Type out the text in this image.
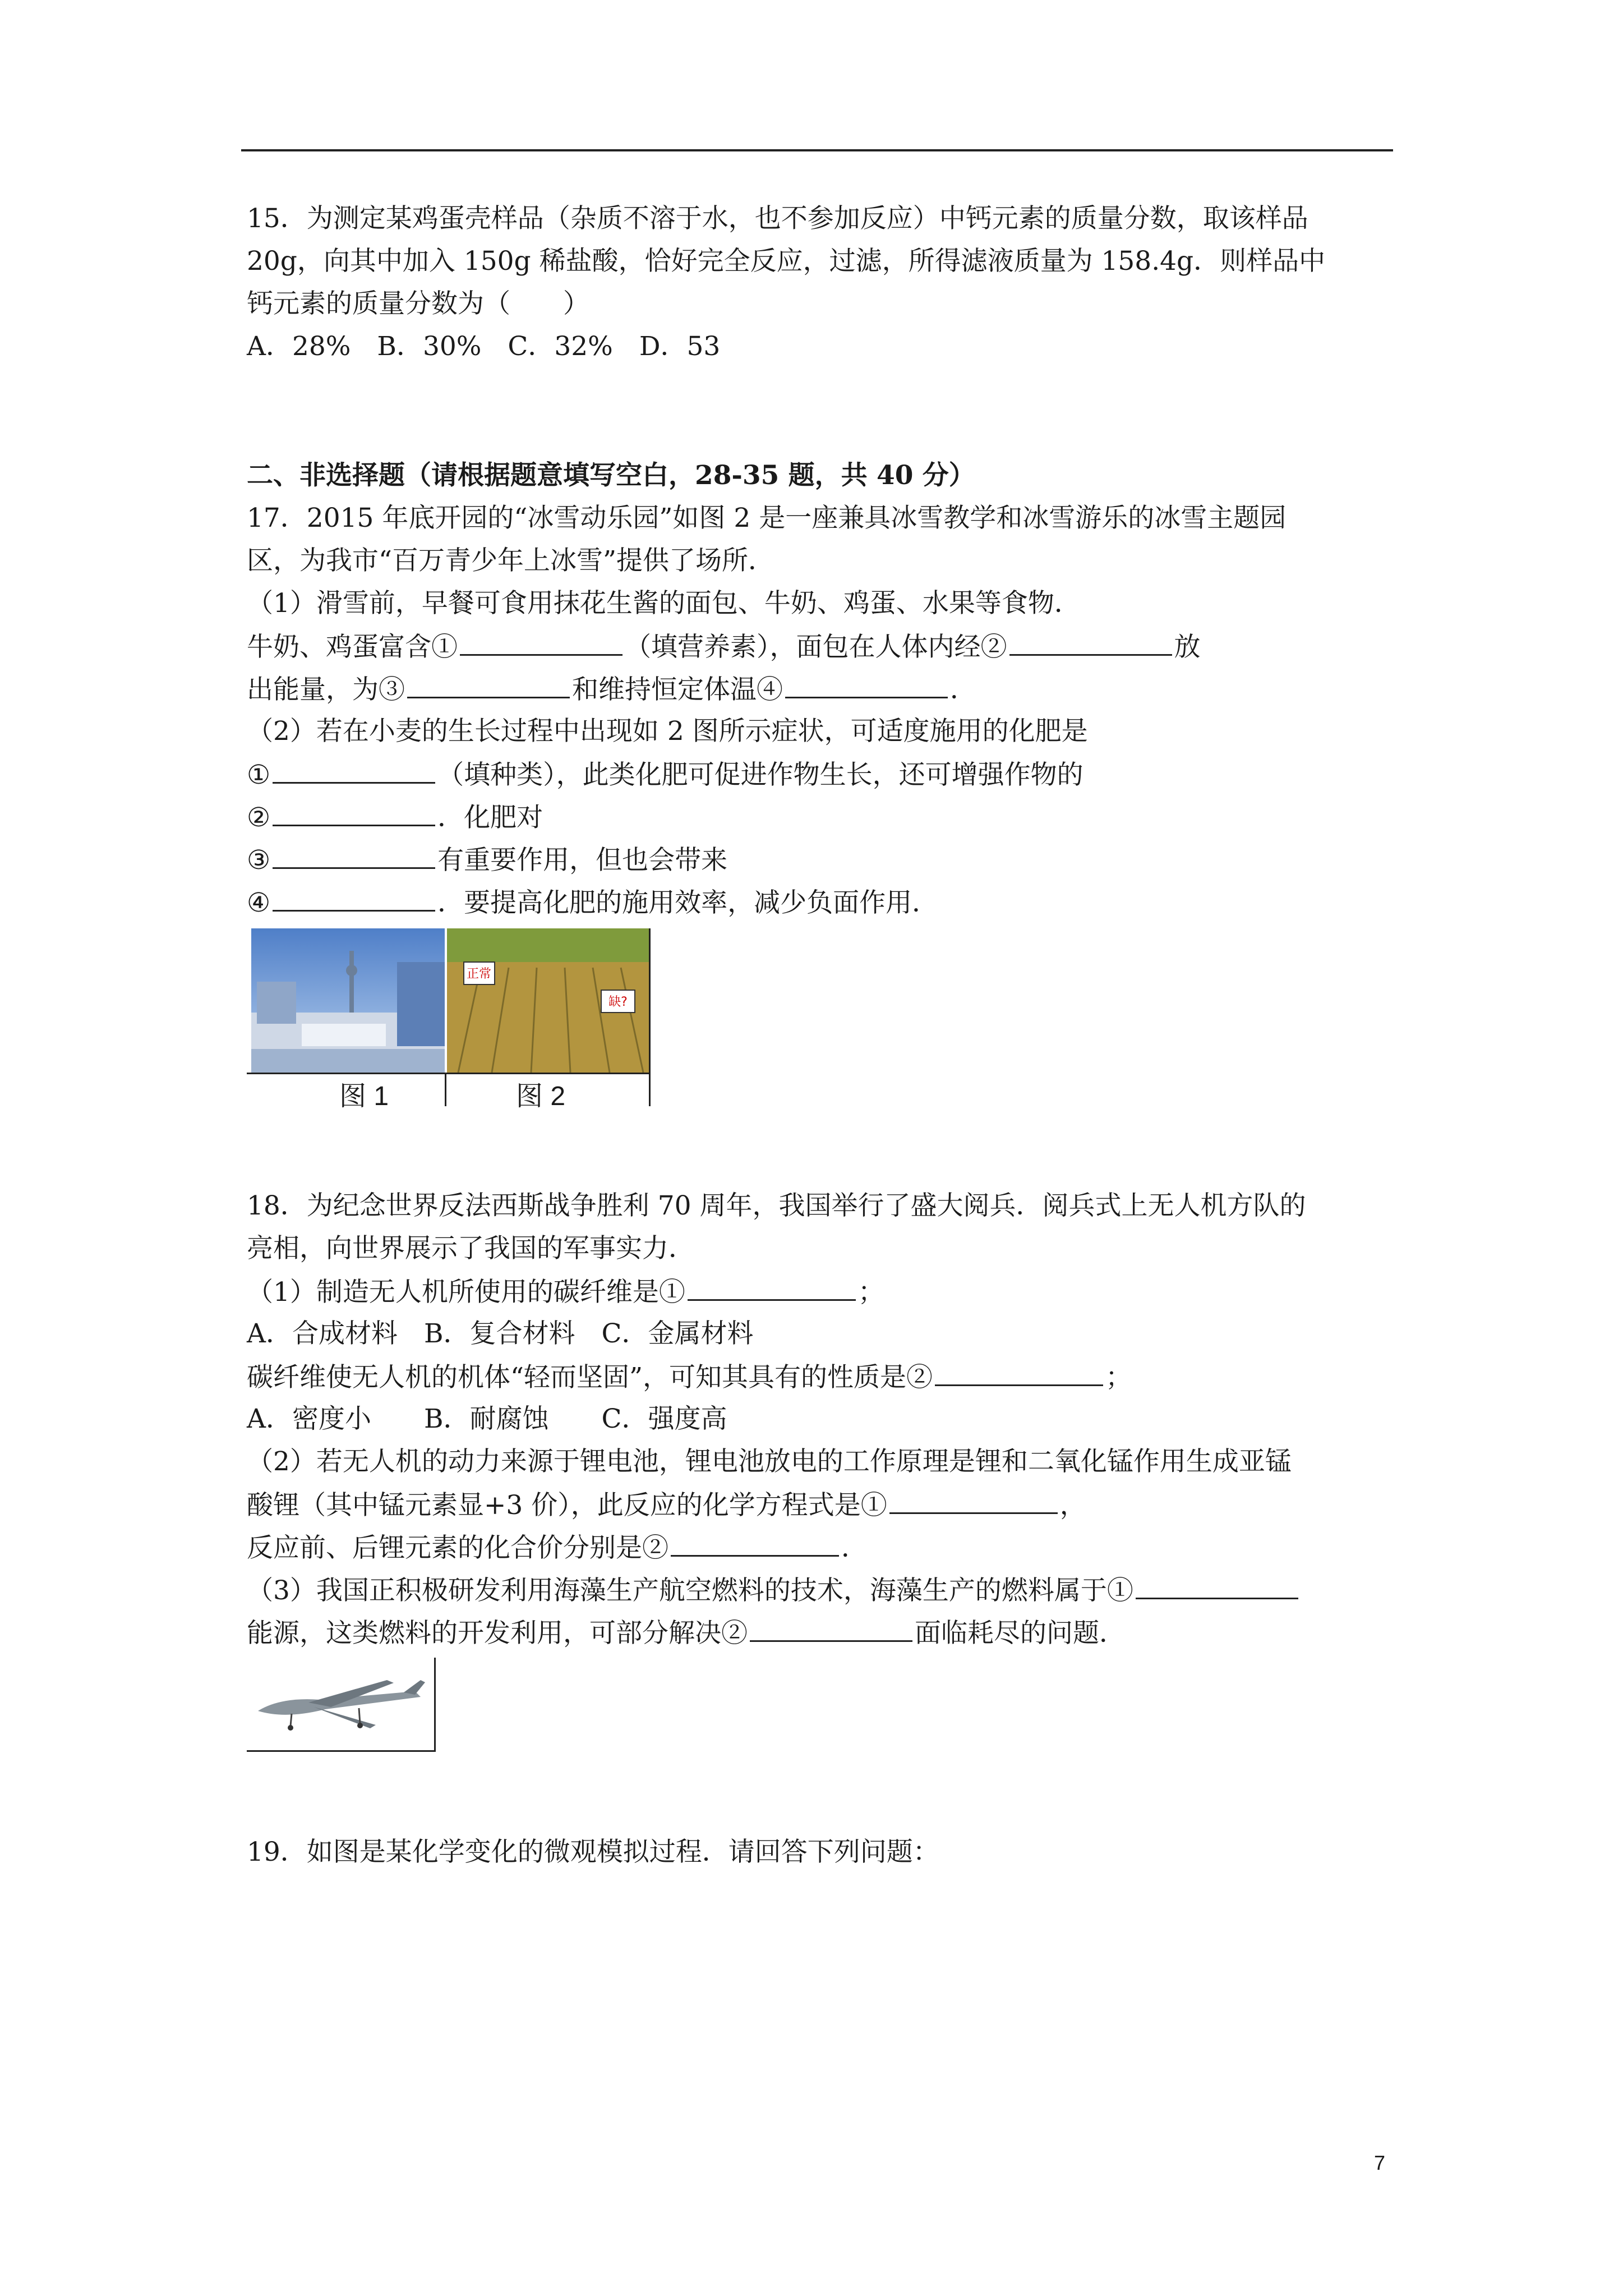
15．为测定某鸡蛋壳样品（杂质不溶于水，也不参加反应）中钙元素的质量分数，取该样品
20g，向其中加入 150g 稀盐酸，恰好完全反应，过滤，所得滤液质量为 158.4g．则样品中
钙元素的质量分数为（　　）
A．28%　B．30%　C．32%　D．53
二、非选择题（请根据题意填写空白，28-35 题，共 40 分）
17．2015 年底开园的“冰雪动乐园”如图 2 是一座兼具冰雪教学和冰雪游乐的冰雪主题园
区，为我市“百万青少年上冰雪”提供了场所．
（1）滑雪前，早餐可食用抹花生酱的面包、牛奶、鸡蛋、水果等食物．
牛奶、鸡蛋富含①	（填营养素），面包在人体内经②	放
出能量，为③	和维持恒定体温④	．
（2）若在小麦的生长过程中出现如 2 图所示症状，可适度施用的化肥是
①	（填种类），此类化肥可促进作物生长，还可增强作物的
②	．化肥对
③	有重要作用，但也会带来
④	．要提高化肥的施用效率，减少负面作用．
正常
缺?
图 1	图 2
18．为纪念世界反法西斯战争胜利 70 周年，我国举行了盛大阅兵．阅兵式上无人机方队的
亮相，向世界展示了我国的军事实力．
（1）制造无人机所使用的碳纤维是①	；
A．合成材料　B．复合材料　C．金属材料
碳纤维使无人机的机体“轻而坚固”，可知其具有的性质是②	；
A．密度小　　B．耐腐蚀　　C．强度高
（2）若无人机的动力来源于锂电池，锂电池放电的工作原理是锂和二氧化锰作用生成亚锰
酸锂（其中锰元素显+3 价），此反应的化学方程式是①	，
反应前、后锂元素的化合价分别是②	．
（3）我国正积极研发利用海藻生产航空燃料的技术，海藻生产的燃料属于①
能源，这类燃料的开发利用，可部分解决②	面临耗尽的问题．
19．如图是某化学变化的微观模拟过程．请回答下列问题：
7
